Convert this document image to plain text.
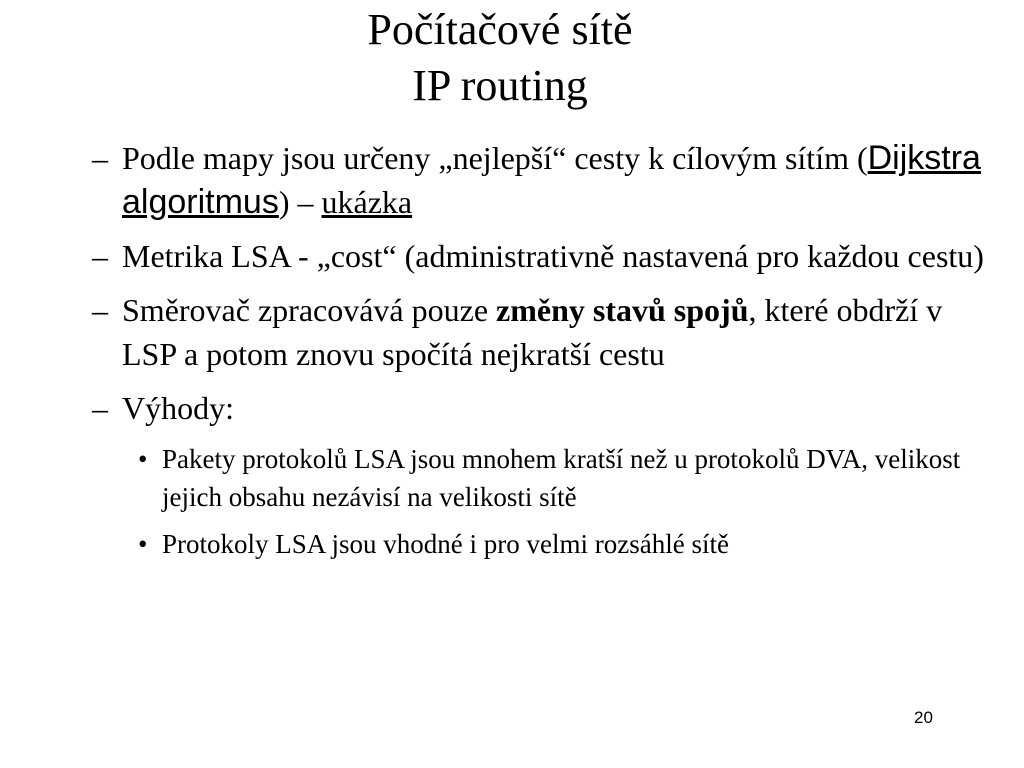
Počítačové sítě
IP routing
– Podle mapy jsou určeny „nejlepší“ cesty k cílovým sítím (Dijkstra algoritmus) – ukázka
– Metrika LSA - „cost“ (administrativně nastavená pro každou cestu)
– Směrovač zpracovává pouze změny stavů spojů, které obdrží v LSP a potom znovu spočítá nejkratší cestu
– Výhody:
• Pakety protokolů LSA jsou mnohem kratší než u protokolů DVA, velikost jejich obsahu nezávisí na velikosti sítě
• Protokoly LSA jsou vhodné i pro velmi rozsáhlé sítě
20
